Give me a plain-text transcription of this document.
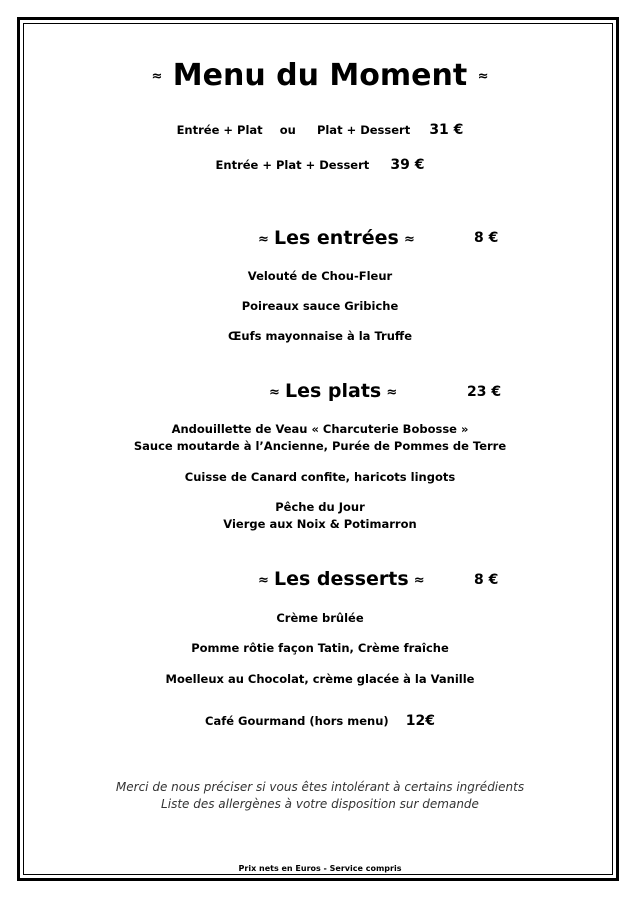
≈ Menu du Moment ≈
Entrée + Plat ou Plat + Dessert 31 €
Entrée + Plat + Dessert 39 €
≈ Les entrées ≈	8 €
Velouté de Chou-Fleur
Poireaux sauce Gribiche
Œufs mayonnaise à la Truffe
≈ Les plats ≈	23 €
Andouillette de Veau « Charcuterie Bobosse »
Sauce moutarde à l’Ancienne, Purée de Pommes de Terre
Cuisse de Canard confite, haricots lingots
Pêche du Jour
Vierge aux Noix & Potimarron
≈ Les desserts ≈	8 €
Crème brûlée
Pomme rôtie façon Tatin, Crème fraîche
Moelleux au Chocolat, crème glacée à la Vanille
Café Gourmand (hors menu) 12€
Merci de nous préciser si vous êtes intolérant à certains ingrédients
Liste des allergènes à votre disposition sur demande
Prix nets en Euros - Service compris
